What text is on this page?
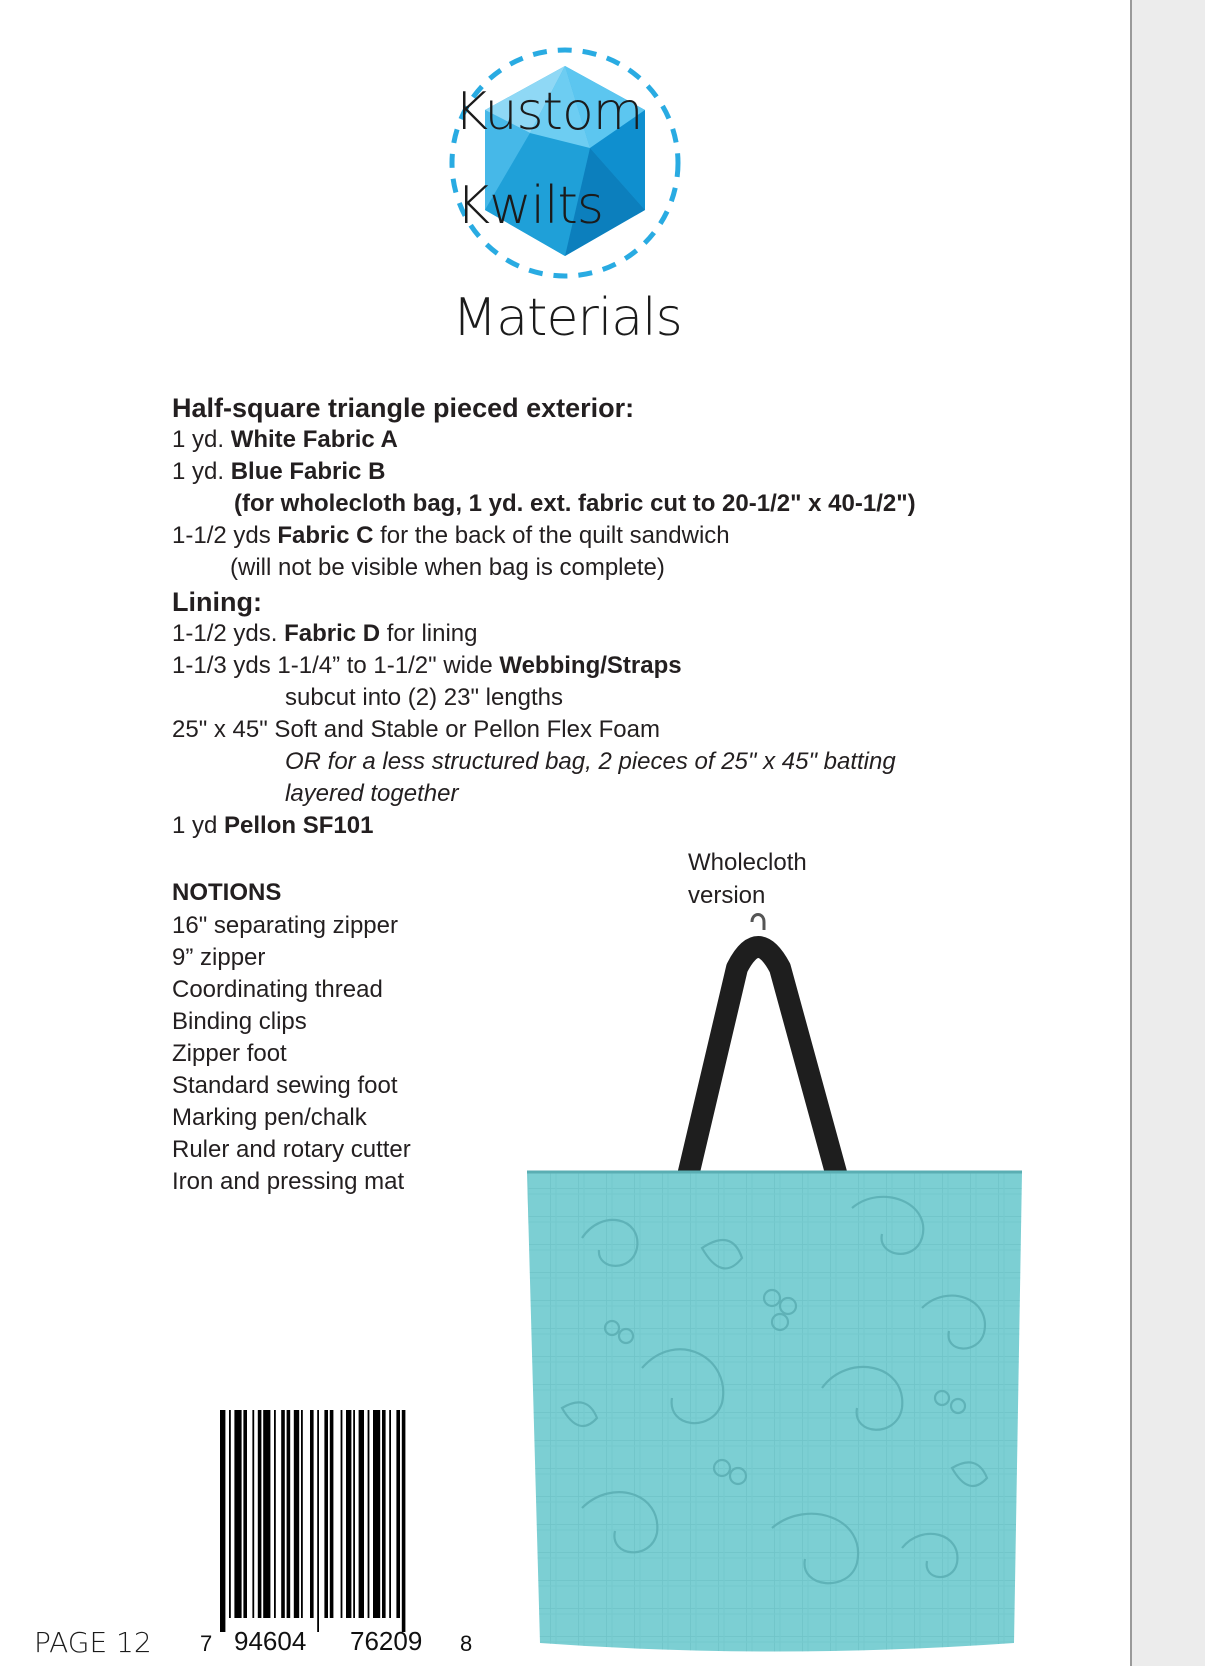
Kustom
Kwilts
Materials
Half-square triangle pieced exterior:
1 yd. White Fabric A
1 yd. Blue Fabric B
(for wholecloth bag, 1 yd. ext. fabric cut to 20-1/2" x 40-1/2")
1-1/2 yds Fabric C for the back of the quilt sandwich
(will not be visible when bag is complete)
Lining:
1-1/2 yds. Fabric D for lining
1-1/3 yds 1-1/4” to 1-1/2" wide Webbing/Straps
subcut into (2) 23" lengths
25" x 45" Soft and Stable or Pellon Flex Foam
OR for a less structured bag, 2 pieces of 25" x 45" batting
layered together
1 yd Pellon SF101
NOTIONS
16" separating zipper
9” zipper
Coordinating thread
Binding clips
Zipper foot
Standard sewing foot
Marking pen/chalk
Ruler and rotary cutter
Iron and pressing mat
Wholecloth
version
7 94604 76209 8
PAGE 12
